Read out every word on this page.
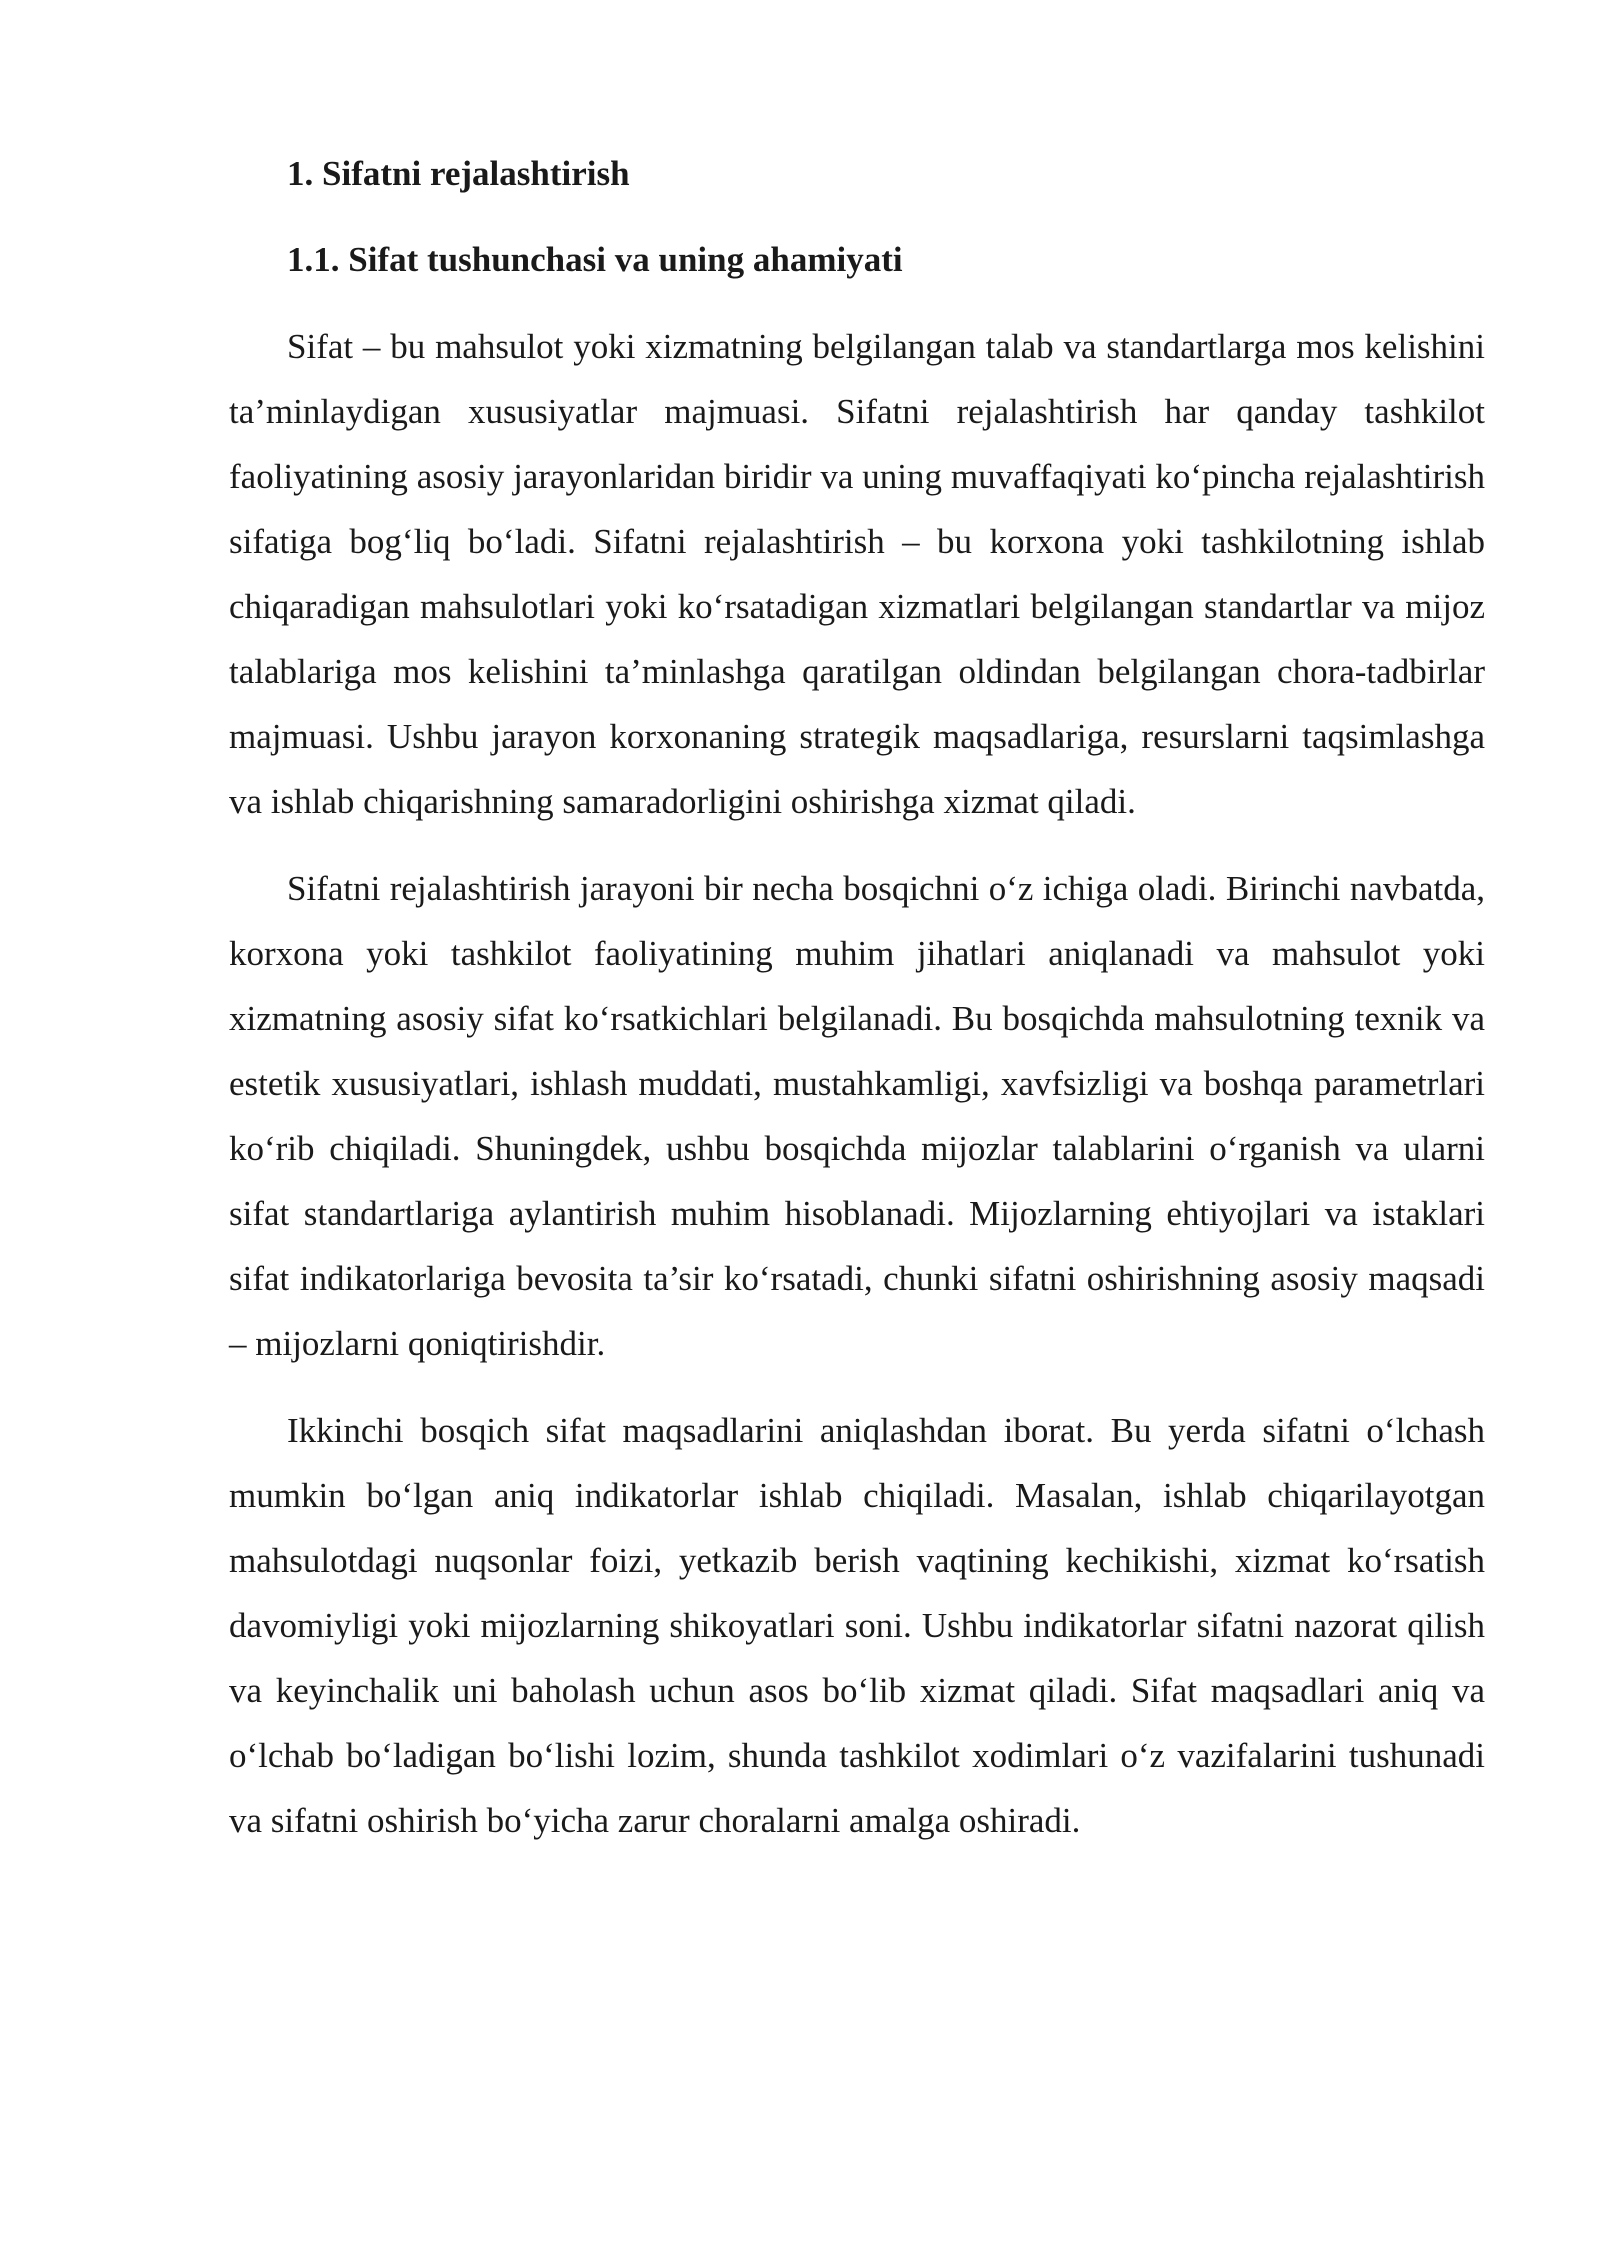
1. Sifatni rejalashtirish
1.1. Sifat tushunchasi va uning ahamiyati

Sifat – bu mahsulot yoki xizmatning belgilangan talab va standartlarga mos kelishini ta’minlaydigan xususiyatlar majmuasi. Sifatni rejalashtirish har qanday tashkilot faoliyatining asosiy jarayonlaridan biridir va uning muvaffaqiyati ko‘pincha rejalashtirish sifatiga bog‘liq bo‘ladi. Sifatni rejalashtirish – bu korxona yoki tashkilotning ishlab chiqaradigan mahsulotlari yoki ko‘rsatadigan xizmatlari belgilangan standartlar va mijoz talablariga mos kelishini ta’minlashga qaratilgan oldindan belgilangan chora-tadbirlar majmuasi. Ushbu jarayon korxonaning strategik maqsadlariga, resurslarni taqsimlashga va ishlab chiqarishning samaradorligini oshirishga xizmat qiladi.

Sifatni rejalashtirish jarayoni bir necha bosqichni o‘z ichiga oladi. Birinchi navbatda, korxona yoki tashkilot faoliyatining muhim jihatlari aniqlanadi va mahsulot yoki xizmatning asosiy sifat ko‘rsatkichlari belgilanadi. Bu bosqichda mahsulotning texnik va estetik xususiyatlari, ishlash muddati, mustahkamligi, xavfsizligi va boshqa parametrlari ko‘rib chiqiladi. Shuningdek, ushbu bosqichda mijozlar talablarini o‘rganish va ularni sifat standartlariga aylantirish muhim hisoblanadi. Mijozlarning ehtiyojlari va istaklari sifat indikatorlariga bevosita ta’sir ko‘rsatadi, chunki sifatni oshirishning asosiy maqsadi – mijozlarni qoniqtirishdir.

Ikkinchi bosqich sifat maqsadlarini aniqlashdan iborat. Bu yerda sifatni o‘lchash mumkin bo‘lgan aniq indikatorlar ishlab chiqiladi. Masalan, ishlab chiqarilayotgan mahsulotdagi nuqsonlar foizi, yetkazib berish vaqtining kechikishi, xizmat ko‘rsatish davomiyligi yoki mijozlarning shikoyatlari soni. Ushbu indikatorlar sifatni nazorat qilish va keyinchalik uni baholash uchun asos bo‘lib xizmat qiladi. Sifat maqsadlari aniq va o‘lchab bo‘ladigan bo‘lishi lozim, shunda tashkilot xodimlari o‘z vazifalarini tushunadi va sifatni oshirish bo‘yicha zarur choralarni amalga oshiradi.
